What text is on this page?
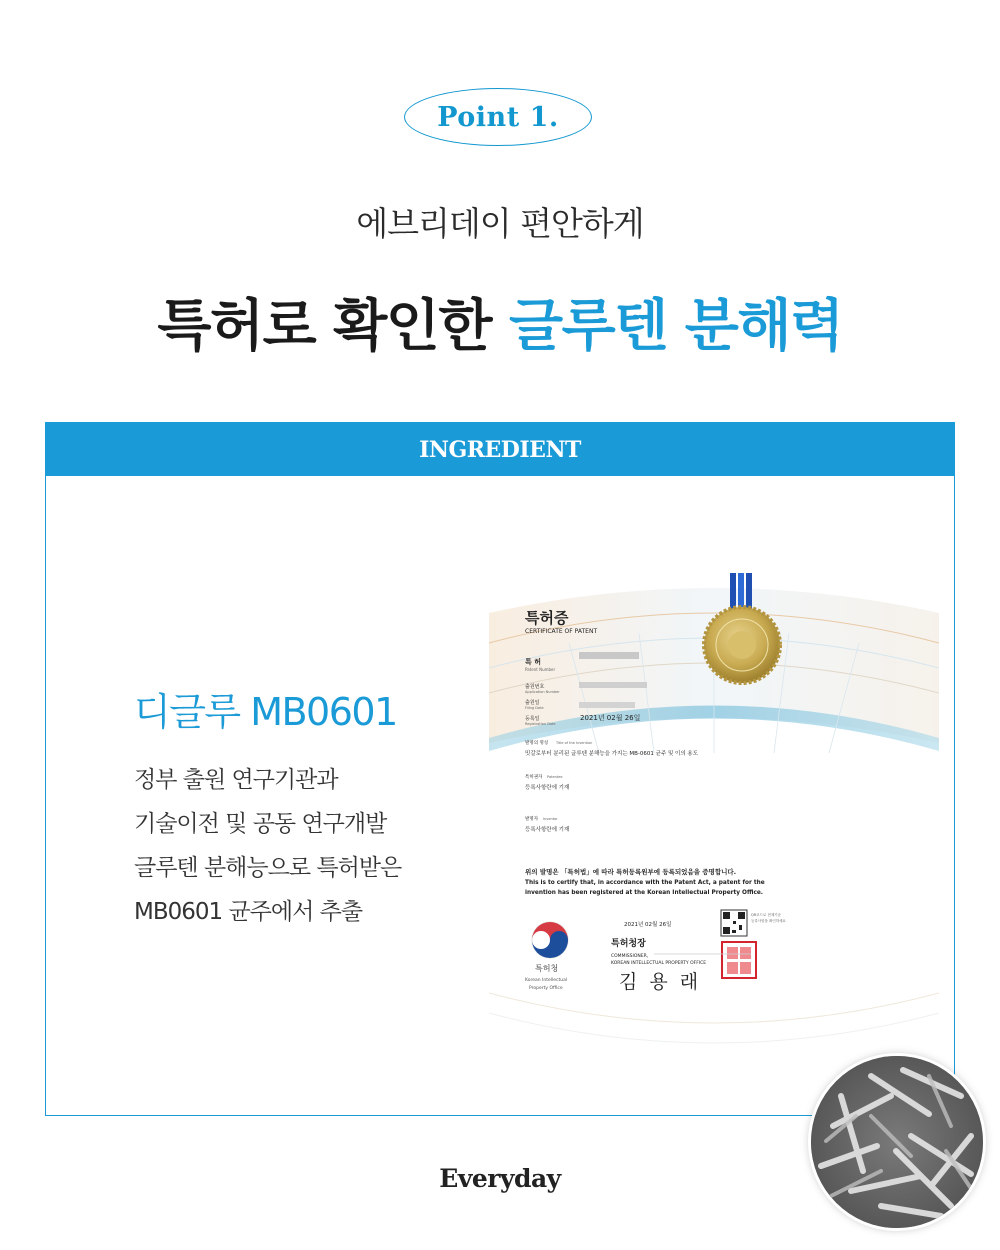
Point 1.
에브리데이 편안하게
특허로 확인한 글루텐 분해력
INGREDIENT
디글루 MB0601
정부 출원 연구기관과
기술이전 및 공동 연구개발
글루텐 분해능으로 특허받은
MB0601 균주에서 추출
특허증
CERTIFICATE OF PATENT
특 허
Patent Number
출원번호
Application Number
출원일
Filing Date
등록일
Registration Date
2021년 02월 26일
발명의 명칭 Title of the Invention
밋갈로부터 분리된 글루텐 분해능을 가지는 MB-0601 균주 및 이의 용도
특허권자 Patentee
등록사항란에 기재
발명자 Inventor
등록사항란에 기재
위의 발명은 「특허법」에 따라 특허등록원부에 등록되었음을 증명합니다.
This is to certify that, in accordance with the Patent Act, a patent for the
invention has been registered at the Korean Intellectual Property Office.
2021년 02월 26일
특허청장
COMMISSIONER,
KOREAN INTELLECTUAL PROPERTY OFFICE
김 용 래
특허청
Korean Intellectual
Property Office
QR코드로 현재기준
등록사항을 확인하세요
Everyday
